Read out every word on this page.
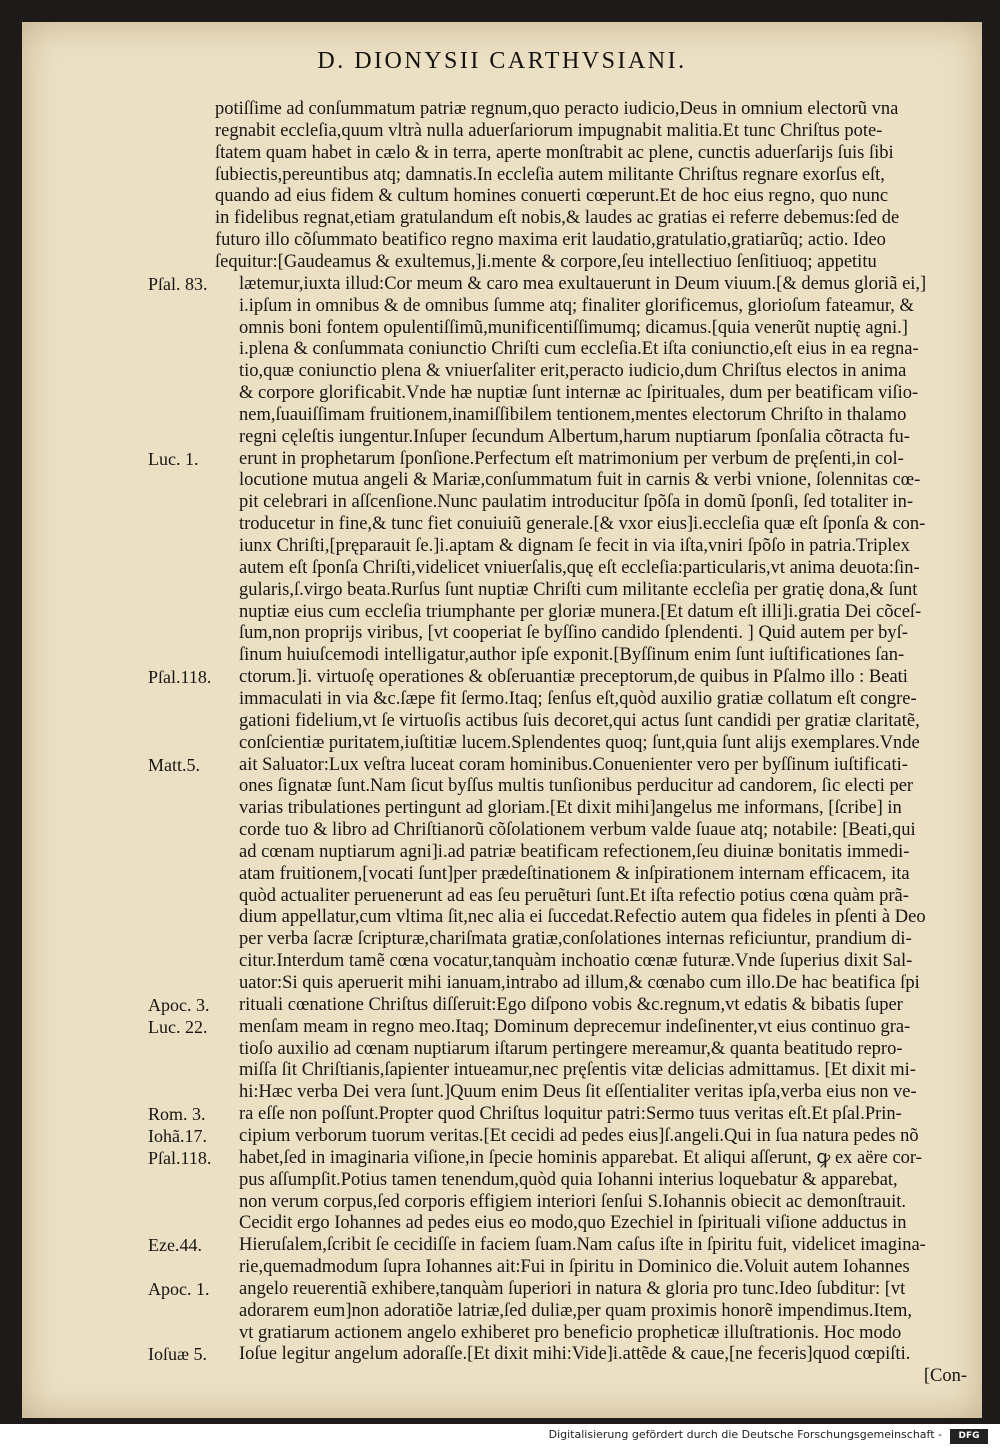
D. DIONYSII CARTHVSIANI.
potiſſime ad conſummatum patriæ regnum,quo peracto iudicio,Deus in omnium electorũ vna
regnabit eccleſia,quum vltrà nulla aduerſariorum impugnabit malitia.Et tunc Chriſtus pote-
ſtatem quam habet in cælo & in terra, aperte monſtrabit ac plene, cunctis aduerſarijs ſuis ſibi
ſubiectis,pereuntibus atq; damnatis.In eccleſia autem militante Chriſtus regnare exorſus eſt,
quando ad eius fidem & cultum homines conuerti cœperunt.Et de hoc eius regno, quo nunc
in fidelibus regnat,etiam gratulandum eſt nobis,& laudes ac gratias ei referre debemus:ſed de
futuro illo cõſummato beatifico regno maxima erit laudatio,gratulatio,gratiarũq; actio. Ideo
ſequitur:[Gaudeamus & exultemus,]i.mente & corpore,ſeu intellectiuo ſenſitiuoq; appetitu
lætemur,iuxta illud:Cor meum & caro mea exultauerunt in Deum viuum.[& demus gloriã ei,]
i.ipſum in omnibus & de omnibus ſumme atq; finaliter glorificemus, glorioſum fateamur, &
omnis boni fontem opulentiſſimũ,munificentiſſimumq; dicamus.[quia venerũt nuptię agni.]
i.plena & conſummata coniunctio Chriſti cum eccleſia.Et iſta coniunctio,eſt eius in ea regna-
tio,quæ coniunctio plena & vniuerſaliter erit,peracto iudicio,dum Chriſtus electos in anima
& corpore glorificabit.Vnde hæ nuptiæ ſunt internæ ac ſpirituales, dum per beatificam viſio-
nem,ſuauiſſimam fruitionem,inamiſſibilem tentionem,mentes electorum Chriſto in thalamo
regni cęleſtis iungentur.Inſuper ſecundum Albertum,harum nuptiarum ſponſalia cõtracta fu-
erunt in prophetarum ſponſione.Perfectum eſt matrimonium per verbum de pręſenti,in col-
locutione mutua angeli & Mariæ,conſummatum fuit in carnis & verbi vnione, ſolennitas cœ-
pit celebrari in aſſcenſione.Nunc paulatim introducitur ſpõſa in domũ ſponſi, ſed totaliter in-
troducetur in fine,& tunc fiet conuiuiũ generale.[& vxor eius]i.eccleſia quæ eſt ſponſa & con-
iunx Chriſti,[pręparauit ſe.]i.aptam & dignam ſe fecit in via iſta,vniri ſpõſo in patria.Triplex
autem eſt ſponſa Chriſti,videlicet vniuerſalis,quę eſt eccleſia:particularis,vt anima deuota:ſin-
gularis,ſ.virgo beata.Rurſus ſunt nuptiæ Chriſti cum militante eccleſia per gratię dona,& ſunt
nuptiæ eius cum eccleſia triumphante per gloriæ munera.[Et datum eſt illi]i.gratia Dei cõceſ-
ſum,non proprijs viribus, [vt cooperiat ſe byſſino candido ſplendenti. ] Quid autem per byſ-
ſinum huiuſcemodi intelligatur,author ipſe exponit.[Byſſinum enim ſunt iuſtificationes ſan-
ctorum.]i. virtuoſę operationes & obſeruantiæ preceptorum,de quibus in Pſalmo illo : Beati
immaculati in via &c.ſæpe fit ſermo.Itaq; ſenſus eſt,quòd auxilio gratiæ collatum eſt congre-
gationi fidelium,vt ſe virtuoſis actibus ſuis decoret,qui actus ſunt candidi per gratiæ claritatẽ,
conſcientiæ puritatem,iuſtitiæ lucem.Splendentes quoq; ſunt,quia ſunt alijs exemplares.Vnde
ait Saluator:Lux veſtra luceat coram hominibus.Conuenienter vero per byſſinum iuſtificati-
ones ſignatæ ſunt.Nam ſicut byſſus multis tunſionibus perducitur ad candorem, ſic electi per
varias tribulationes pertingunt ad gloriam.[Et dixit mihi]angelus me informans, [ſcribe] in
corde tuo & libro ad Chriſtianorũ cõſolationem verbum valde ſuaue atq; notabile: [Beati,qui
ad cœnam nuptiarum agni]i.ad patriæ beatificam refectionem,ſeu diuinæ bonitatis immedi-
atam fruitionem,[vocati ſunt]per prædeſtinationem & inſpirationem internam efficacem, ita
quòd actualiter peruenerunt ad eas ſeu peruẽturi ſunt.Et iſta refectio potius cœna quàm prã-
dium appellatur,cum vltima ſit,nec alia ei ſuccedat.Refectio autem qua fideles in pſenti à Deo
per verba ſacræ ſcripturæ,chariſmata gratiæ,conſolationes internas reficiuntur, prandium di-
citur.Interdum tamẽ cœna vocatur,tanquàm inchoatio cœnæ futuræ.Vnde ſuperius dixit Sal-
uator:Si quis aperuerit mihi ianuam,intrabo ad illum,& cœnabo cum illo.De hac beatifica ſpi
rituali cœnatione Chriſtus diſſeruit:Ego diſpono vobis &c.regnum,vt edatis & bibatis ſuper
menſam meam in regno meo.Itaq; Dominum deprecemur indeſinenter,vt eius continuo gra-
tioſo auxilio ad cœnam nuptiarum iſtarum pertingere mereamur,& quanta beatitudo repro-
miſſa ſit Chriſtianis,ſapienter intueamur,nec pręſentis vitæ delicias admittamus. [Et dixit mi-
hi:Hæc verba Dei vera ſunt.]Quum enim Deus ſit eſſentialiter veritas ipſa,verba eius non ve-
ra eſſe non poſſunt.Propter quod Chriſtus loquitur patri:Sermo tuus veritas eſt.Et pſal.Prin-
cipium verborum tuorum veritas.[Et cecidi ad pedes eius]ſ.angeli.Qui in ſua natura pedes nõ
habet,ſed in imaginaria viſione,in ſpecie hominis apparebat. Et aliqui aſſerunt, ꝙ ex aëre cor-
pus aſſumpſit.Potius tamen tenendum,quòd quia Iohanni interius loquebatur & apparebat,
non verum corpus,ſed corporis effigiem interiori ſenſui S.Iohannis obiecit ac demonſtrauit.
Cecidit ergo Iohannes ad pedes eius eo modo,quo Ezechiel in ſpirituali viſione adductus in
Hieruſalem,ſcribit ſe cecidiſſe in faciem ſuam.Nam caſus iſte in ſpiritu fuit, videlicet imagina-
rie,quemadmodum ſupra Iohannes ait:Fui in ſpiritu in Dominico die.Voluit autem Iohannes
angelo reuerentiã exhibere,tanquàm ſuperiori in natura & gloria pro tunc.Ideo ſubditur: [vt
adorarem eum]non adoratiõe latriæ,ſed duliæ,per quam proximis honorẽ impendimus.Item,
vt gratiarum actionem angelo exhiberet pro beneficio propheticæ illuſtrationis. Hoc modo
Ioſue legitur angelum adoraſſe.[Et dixit mihi:Vide]i.attẽde & caue,[ne feceris]quod cœpiſti.
[Con-
Pſal. 83.
Luc. 1.
Pſal.118.
Matt.5.
Apoc. 3.
Luc. 22.
Rom. 3.
Iohã.17.
Pſal.118.
Eze.44.
Apoc. 1.
Ioſuæ 5.
Digitalisierung gefördert durch die Deutsche Forschungsgemeinschaft -	DFG
